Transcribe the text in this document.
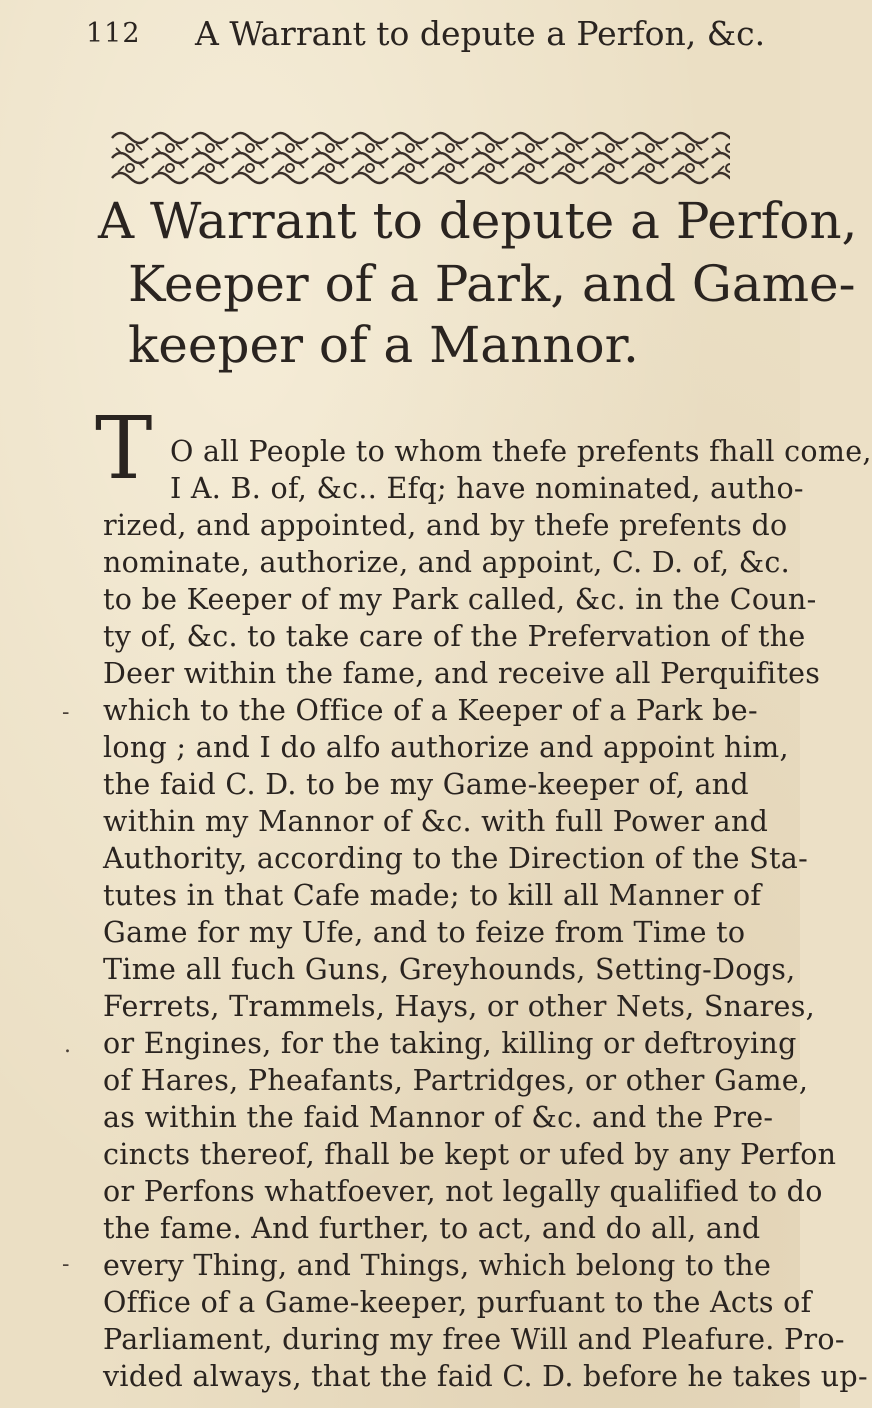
112 A Warrant to depute a Perfon, &c.
A Warrant to depute a Perfon,
Keeper of a Park, and Game-
keeper of a Mannor.
T O all People to whom thefe prefents fhall come,
I A. B. of, &c.. Efq; have nominated, autho-
rized, and appointed, and by thefe prefents do
nominate, authorize, and appoint, C. D. of, &c.
to be Keeper of my Park called, &c. in the Coun-
ty of, &c. to take care of the Prefervation of the
Deer within the fame, and receive all Perquifites
which to the Office of a Keeper of a Park be-
long ; and I do alfo authorize and appoint him,
the faid C. D. to be my Game-keeper of, and
within my Mannor of &c. with full Power and
Authority, according to the Direction of the Sta-
tutes in that Cafe made; to kill all Manner of
Game for my Ufe, and to feize from Time to
Time all fuch Guns, Greyhounds, Setting-Dogs,
Ferrets, Trammels, Hays, or other Nets, Snares,
or Engines, for the taking, killing or deftroying
of Hares, Pheafants, Partridges, or other Game,
as within the faid Mannor of &c. and the Pre-
cincts thereof, fhall be kept or ufed by any Perfon
or Perfons whatfoever, not legally qualified to do
the fame. And further, to act, and do all, and
every Thing, and Things, which belong to the
Office of a Game-keeper, purfuant to the Acts of
Parliament, during my free Will and Pleafure. Pro-
vided always, that the faid C. D. before he takes up-
‐
.
‐
